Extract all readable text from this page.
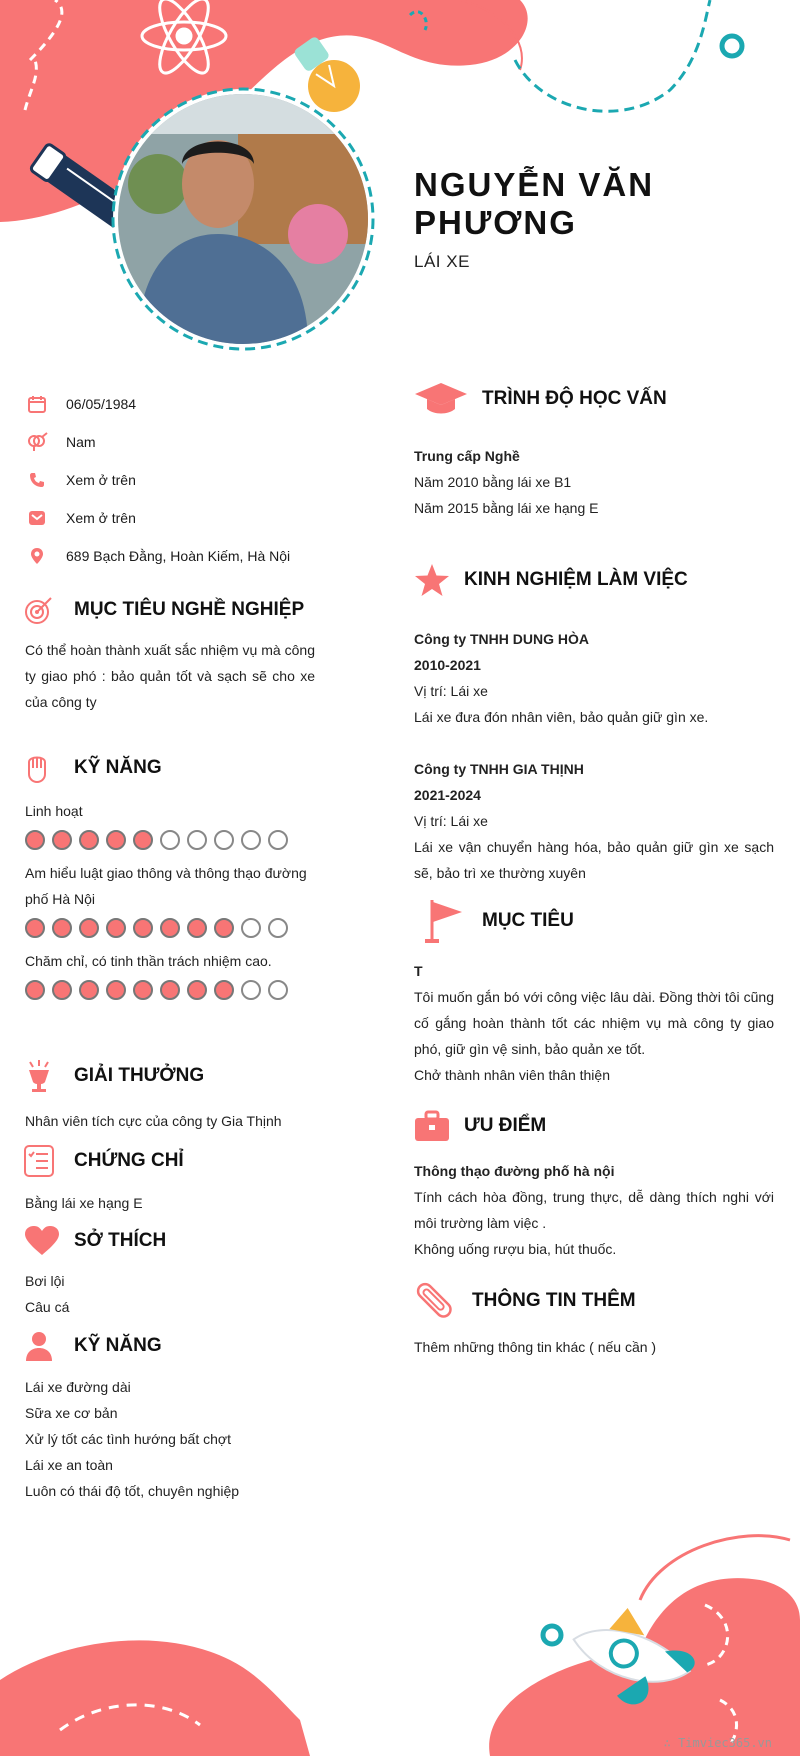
NGUYỄN VĂN PHƯƠNG
LÁI XE
06/05/1984
Nam
Xem ở trên
Xem ở trên
689 Bạch Đằng, Hoàn Kiếm, Hà Nội
MỤC TIÊU NGHỀ NGHIỆP
Có thể hoàn thành xuất sắc nhiệm vụ mà công ty giao phó : bảo quản tốt và sạch sẽ cho xe của công ty
KỸ NĂNG
Linh hoạt
Am hiểu luật giao thông và thông thạo đường phố Hà Nội
Chăm chỉ, có tinh thần trách nhiệm cao.
GIẢI THƯỞNG
Nhân viên tích cực của công ty Gia Thịnh
CHỨNG CHỈ
Bằng lái xe hạng E
SỞ THÍCH
Bơi lội
Câu cá
KỸ NĂNG
Lái xe đường dài
Sữa xe cơ bản
Xử lý tốt các tình hướng bất chợt
Lái xe an toàn
Luôn có thái độ tốt, chuyên nghiệp
TRÌNH ĐỘ HỌC VẤN
Trung cấp Nghề
Năm 2010 bằng lái xe B1
Năm 2015 bằng lái xe hạng E
KINH NGHIỆM LÀM VIỆC
Công ty TNHH DUNG HÒA
2010-2021
Vị trí: Lái xe
Lái xe đưa đón nhân viên, bảo quản giữ gìn xe.
Công ty TNHH GIA THỊNH
2021-2024
Vị trí: Lái xe
Lái xe vận chuyển hàng hóa, bảo quản giữ gìn xe sạch sẽ, bảo trì xe thường xuyên
MỤC TIÊU
T
Tôi muốn gắn bó với công việc lâu dài. Đồng thời tôi cũng cố gắng hoàn thành tốt các nhiệm vụ mà công ty giao phó, giữ gìn vệ sinh, bảo quản xe tốt.
Chở thành nhân viên thân thiện
ƯU ĐIỂM
Thông thạo đường phố hà nội
Tính cách hòa đồng, trung thực, dễ dàng thích nghi với môi trường làm việc .
Không uống rượu bia, hút thuốc.
THÔNG TIN THÊM
Thêm những thông tin khác ( nếu cần )
∴ Timviec365.vn
